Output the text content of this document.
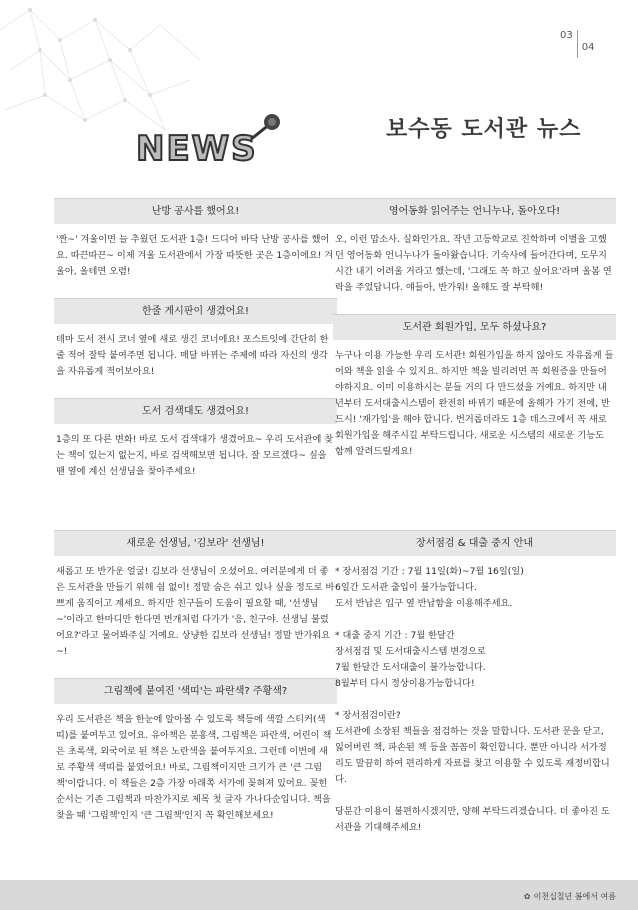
0304
NEWS	보수동 도서관 뉴스
난방 공사를 했어요!

'짠~' 겨울이면 늘 추웠던 도서관 1층! 드디어 바닥 난방 공사를 했어요. 따끈따끈~ 이제 겨울 도서관에서 가장 따뜻한 곳은 1층이에요! 겨울아, 올테면 오렴!

한줄 게시판이 생겼어요!

테마 도서 전시 코너 옆에 새로 생긴 코너에요! 포스트잇에 간단히 한 줄 적어 잘탁 붙여주면 됩니다. 매달 바뀌는 주제에 따라 자신의 생각을 자유롭게 적어보아요!

도서 검색대도 생겼어요!

1층의 또 다른 변화! 바로 도서 검색대가 생겼어요~ 우리 도서관에 찾는 책이 있는지 없는지, 바로 검색해보면 됩니다. 잘 모르겠다~ 싶을 땐 옆에 계신 선생님을 찾아주세요!

영어동화 읽어주는 언니누나, 돌아오다!

오, 이런 맙소사. 실화인가요. 작년 고등학교로 진학하며 이별을 고했던 영어동화 언니누나가 돌아왔습니다. 기숙사에 들어간다며, 도무지 시간 내기 어려울 거라고 했는데, '그래도 꼭 하고 싶어요'라며 올봄 연락을 주었답니다. 얘들아, 반가워! 올해도 잘 부탁해!

도서관 회원가입, 모두 하셨나요?

누구나 이용 가능한 우리 도서관! 회원가입을 하지 않아도 자유롭게 들어와 책을 읽을 수 있지요. 하지만 책을 빌리려면 꼭 회원증을 만들어야하지요. 이미 이용하시는 분들 거의 다 만드셨을 거예요. 하지만 내년부터 도서대출시스템이 완전히 바뀌기 때문에 올해가 가기 전에, 반드시! '재가입'을 해야 합니다. 번거롭더라도 1층 데스크에서 꼭 새로 회원가입을 해주시길 부탁드립니다. 새로운 시스템의 새로운 기능도 함께 알려드릴게요!

새로운 선생님, '김보라' 선생님!

새롭고 또 반가운 얼굴! 김보라 선생님이 오셨어요. 여러분에게 더 좋은 도서관을 만들기 위해 쉼 없이! 정말 숨은 쉬고 있나 싶을 정도로 바쁘게 움직이고 계세요. 하지만 친구들이 도움이 필요할 때, '선생님~'이라고 한마디만 한다면 번개처럼 다가가 '응, 친구야. 선생님 불렀어요?'라고 물어봐주실 거예요. 상냥한 김보라 선생님! 정말 반가워요~!

그림책에 붙여진 '색띠'는 파란색? 주황색?

우리 도서관은 책을 한눈에 알아볼 수 있도록 책등에 색깔 스티커(색띠)를 붙여두고 있어요. 유아책은 분홍색, 그림책은 파란색, 어린이 책은 초록색, 외국어로 된 책은 노란색을 붙여두지요. 그런데 이번에 새로 주황색 색띠를 붙였어요! 바로, 그림책이지만 크기가 큰 '큰 그림책'이랍니다. 이 책들은 2층 가장 아래쪽 서가에 꽂혀져 있어요. 꽂힌 순서는 기존 그림책과 마찬가지로 제목 첫 글자 가나다순입니다. 책을 찾을 때 '그림책'인지 '큰 그림책'인지 꼭 확인해보세요!

장서점검 & 대출 중지 안내

* 장서점검 기간 : 7월 11일(화)~7월 16일(일)

6일간 도서관 출입이 불가능합니다.

도서 반납은 입구 옆 반납함을 이용해주세요.

* 대출 중지 기간 : 7월 한달간

장서점검 및 도서대출시스템 변경으로

7월 한달간 도서대출이 불가능합니다.

8월부터 다시 정상이용가능합니다!

* 장서점검이란?

도서관에 소장된 책들을 점검하는 것을 말합니다. 도서관 문을 닫고, 잃어버린 책, 파손된 책 등을 꼼꼼이 확인합니다. 뿐만 아니라 서가정리도 말끔히 하여 편리하게 자료를 찾고 이용할 수 있도록 재정비합니다.

당분간 이용이 불편하시겠지만, 양해 부탁드리겠습니다. 더 좋아진 도서관을 기대해주세요!

✿ 이천십칠년 봄에서 여름
